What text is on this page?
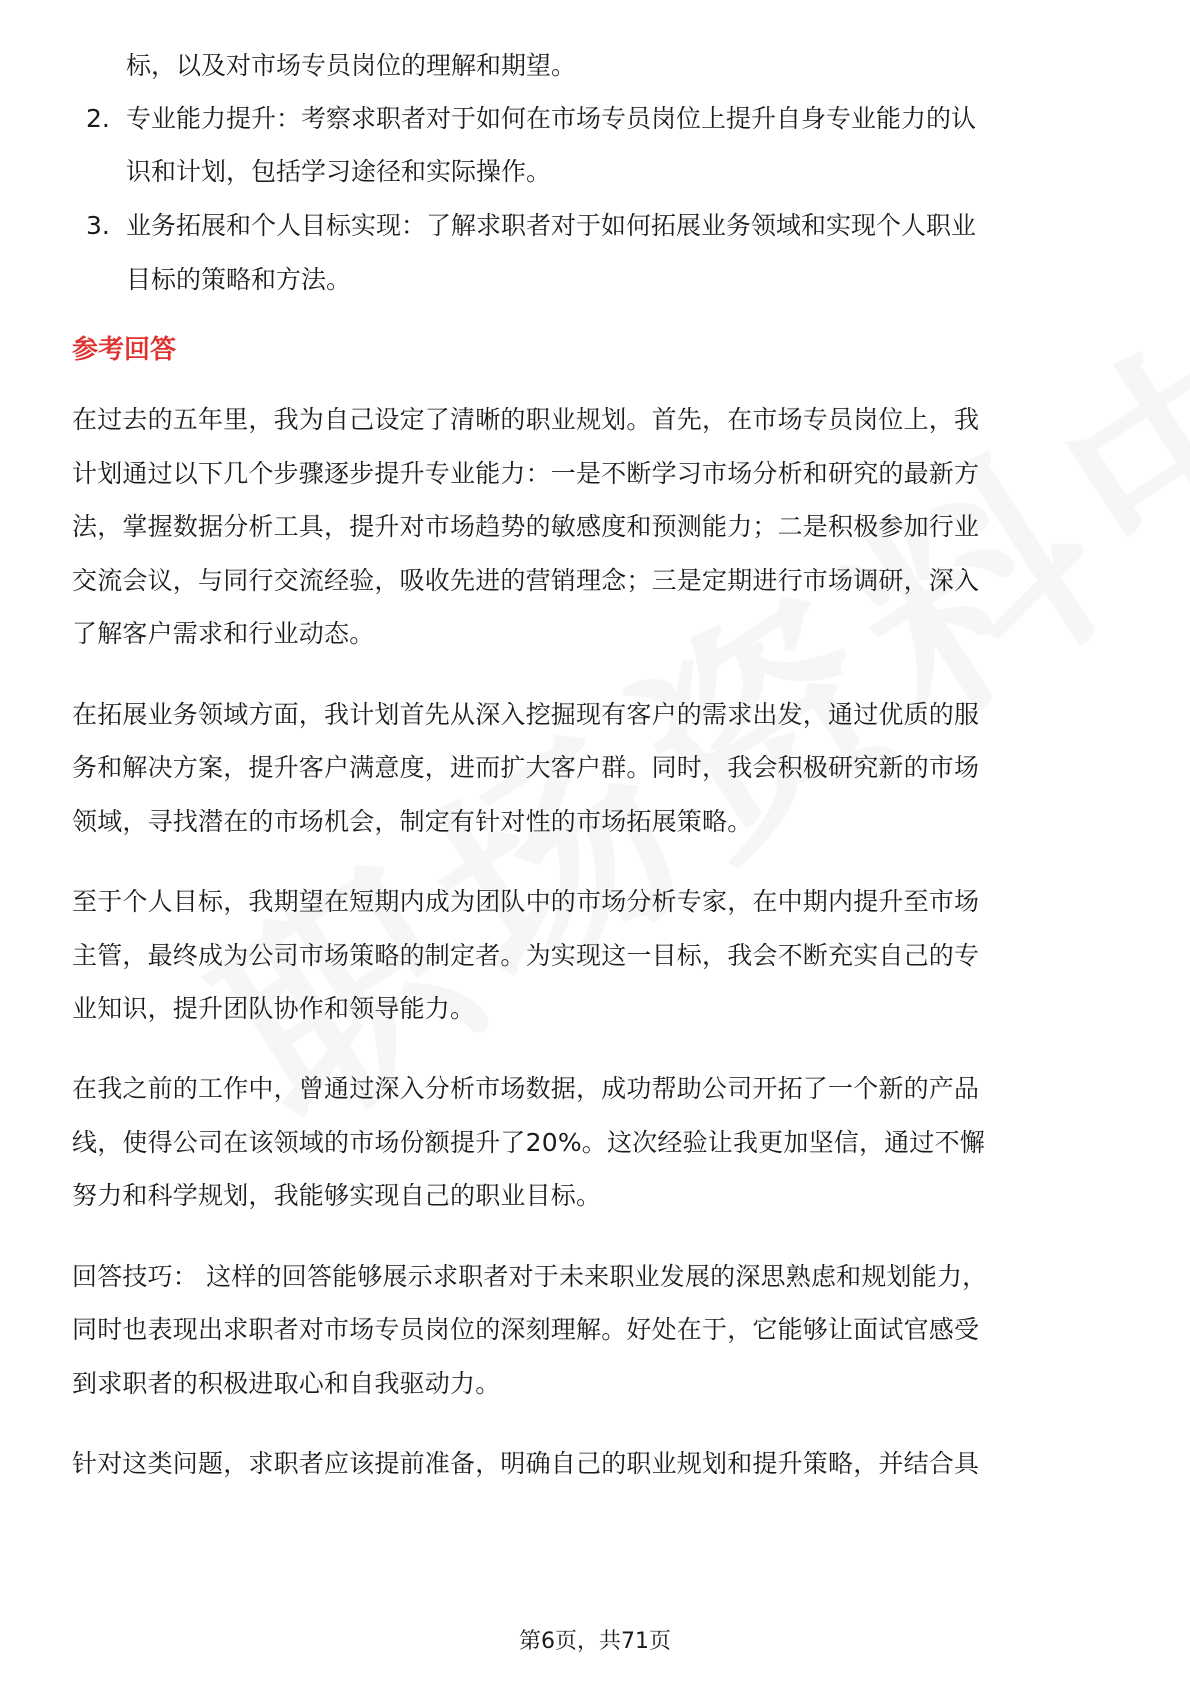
标，以及对市场专员岗位的理解和期望。
2. 专业能力提升：考察求职者对于如何在市场专员岗位上提升自身专业能力的认
识和计划，包括学习途径和实际操作。
3. 业务拓展和个人目标实现：了解求职者对于如何拓展业务领域和实现个人职业
目标的策略和方法。
参考回答
在过去的五年里，我为自己设定了清晰的职业规划。首先，在市场专员岗位上，我
计划通过以下几个步骤逐步提升专业能力：一是不断学习市场分析和研究的最新方
法，掌握数据分析工具，提升对市场趋势的敏感度和预测能力；二是积极参加行业
交流会议，与同行交流经验，吸收先进的营销理念；三是定期进行市场调研，深入
了解客户需求和行业动态。
在拓展业务领域方面，我计划首先从深入挖掘现有客户的需求出发，通过优质的服
务和解决方案，提升客户满意度，进而扩大客户群。同时，我会积极研究新的市场
领域，寻找潜在的市场机会，制定有针对性的市场拓展策略。
至于个人目标，我期望在短期内成为团队中的市场分析专家，在中期内提升至市场
主管，最终成为公司市场策略的制定者。为实现这一目标，我会不断充实自己的专
业知识，提升团队协作和领导能力。
在我之前的工作中，曾通过深入分析市场数据，成功帮助公司开拓了一个新的产品
线，使得公司在该领域的市场份额提升了20%。这次经验让我更加坚信，通过不懈
努力和科学规划，我能够实现自己的职业目标。
回答技巧： 这样的回答能够展示求职者对于未来职业发展的深思熟虑和规划能力，
同时也表现出求职者对市场专员岗位的深刻理解。好处在于，它能够让面试官感受
到求职者的积极进取心和自我驱动力。
针对这类问题，求职者应该提前准备，明确自己的职业规划和提升策略，并结合具
第6页，共71页
